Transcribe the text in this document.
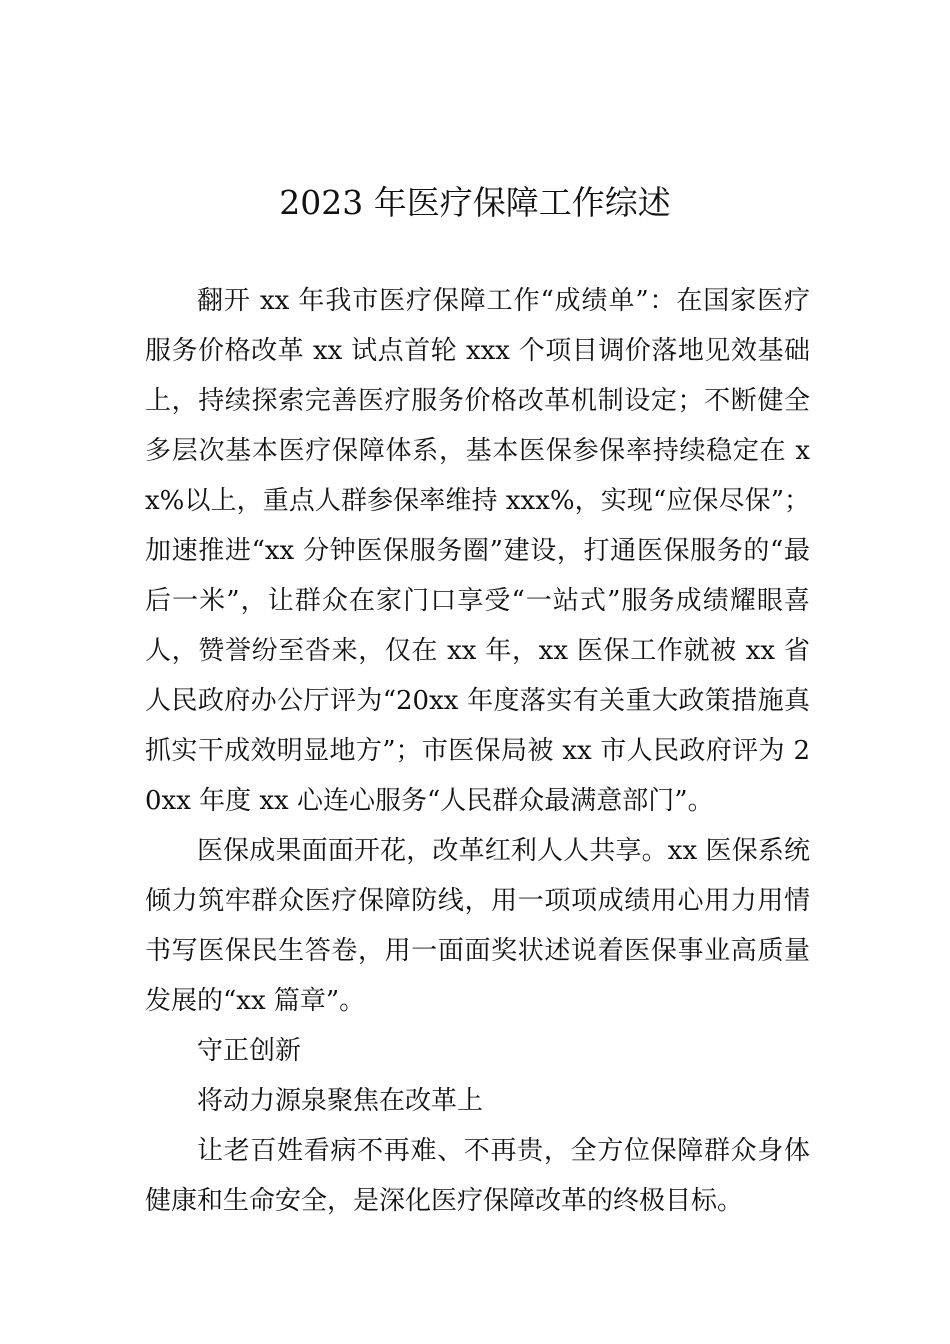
2023 年医疗保障工作综述

翻开 xx 年我市医疗保障工作“成绩单”：在国家医疗服务价格改革 xx 试点首轮 xxx 个项目调价落地见效基础上，持续探索完善医疗服务价格改革机制设定；不断健全多层次基本医疗保障体系，基本医保参保率持续稳定在 xx%以上，重点人群参保率维持 xxx%，实现“应保尽保”；加速推进“xx 分钟医保服务圈”建设，打通医保服务的“最后一米”，让群众在家门口享受“一站式”服务成绩耀眼喜人，赞誉纷至沓来，仅在 xx 年，xx 医保工作就被 xx 省人民政府办公厅评为“20xx 年度落实有关重大政策措施真抓实干成效明显地方”；市医保局被 xx 市人民政府评为 20xx 年度 xx 心连心服务“人民群众最满意部门”。

医保成果面面开花，改革红利人人共享。xx 医保系统倾力筑牢群众医疗保障防线，用一项项成绩用心用力用情书写医保民生答卷，用一面面奖状述说着医保事业高质量发展的“xx 篇章”。

守正创新

将动力源泉聚焦在改革上

让老百姓看病不再难、不再贵，全方位保障群众身体健康和生命安全，是深化医疗保障改革的终极目标。
